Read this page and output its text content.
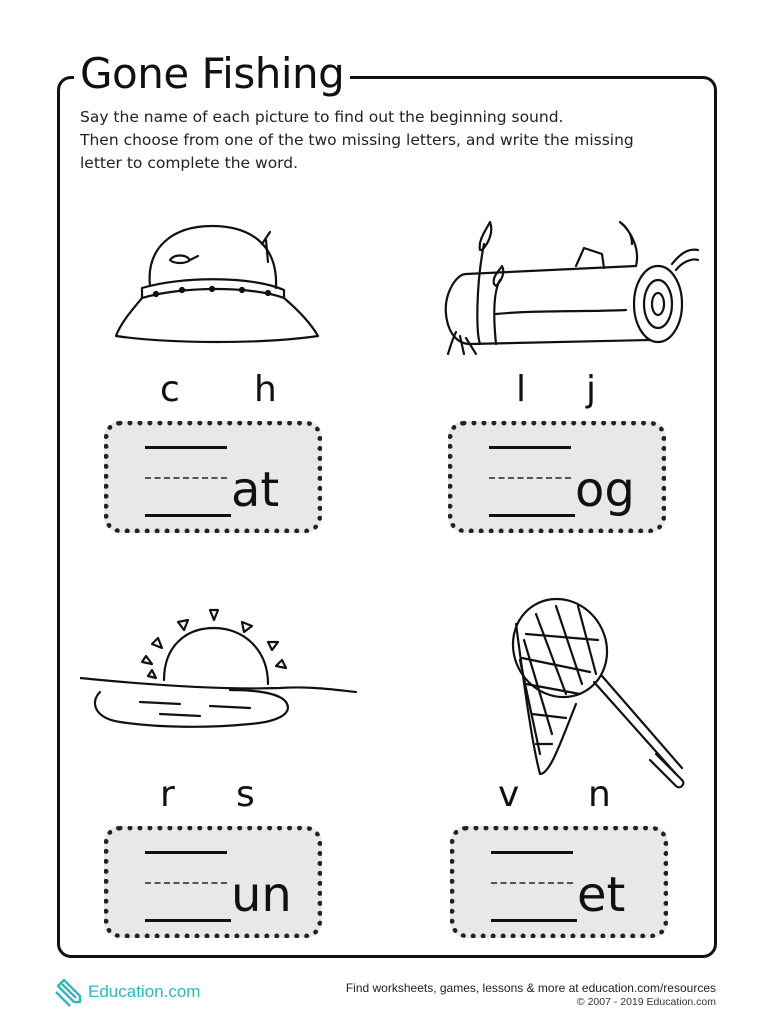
Gone Fishing
Say the name of each picture to find out the beginning sound.
Then choose from one of the two missing letters, and write the missing
letter to complete the word.
c h
at
l j
og
r s
un
v n
et
Education.com	Find worksheets, games, lessons & more at education.com/resources
© 2007 - 2019 Education.com
